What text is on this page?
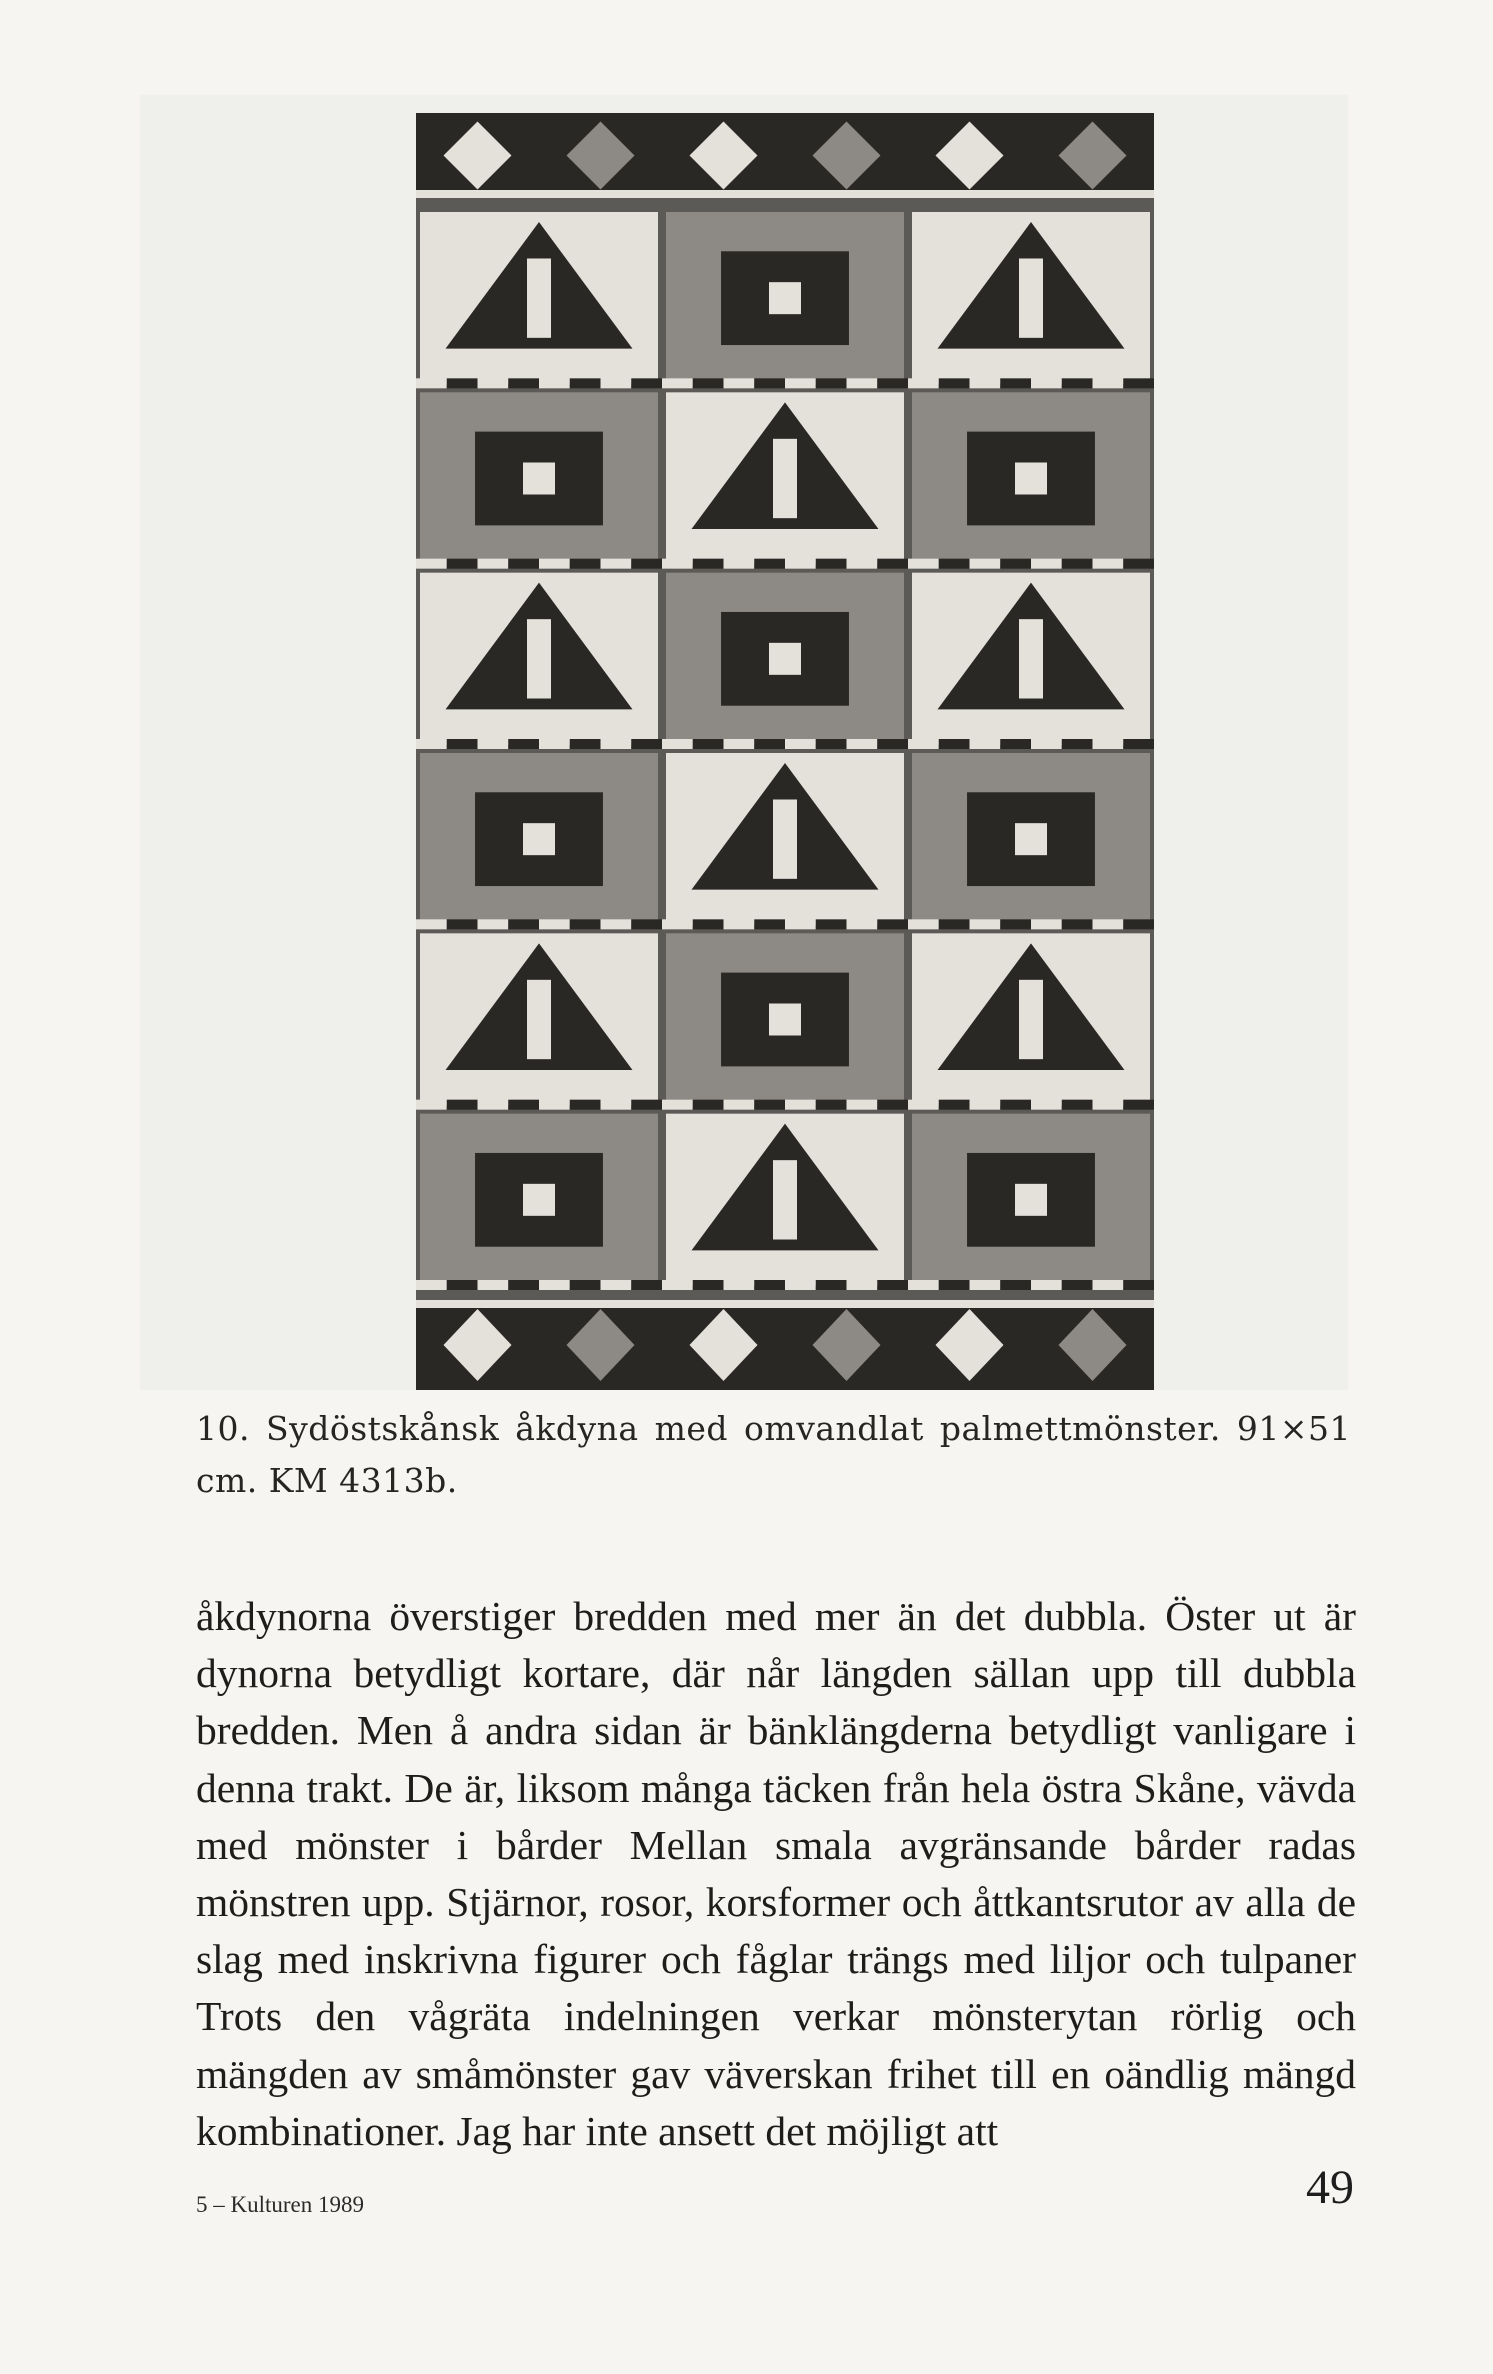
10. Sydöstskånsk åkdyna med omvandlat palmettmönster. 91×51 cm. KM 4313b.

åkdynorna överstiger bredden med mer än det dubbla. Öster ut är dynorna betydligt kortare, där når längden sällan upp till dubbla bredden. Men å andra sidan är bänklängderna betydligt vanligare i denna trakt. De är, liksom många täcken från hela östra Skåne, vävda med mönster i bårder Mellan smala avgränsande bårder radas mönstren upp. Stjärnor, rosor, korsformer och åttkantsrutor av alla de slag med inskrivna figurer och fåglar trängs med liljor och tulpaner Trots den vågräta indelningen verkar mönsterytan rörlig och mängden av småmönster gav väverskan frihet till en oändlig mängd kombinationer. Jag har inte ansett det möjligt att

5 – Kulturen 1989	49
